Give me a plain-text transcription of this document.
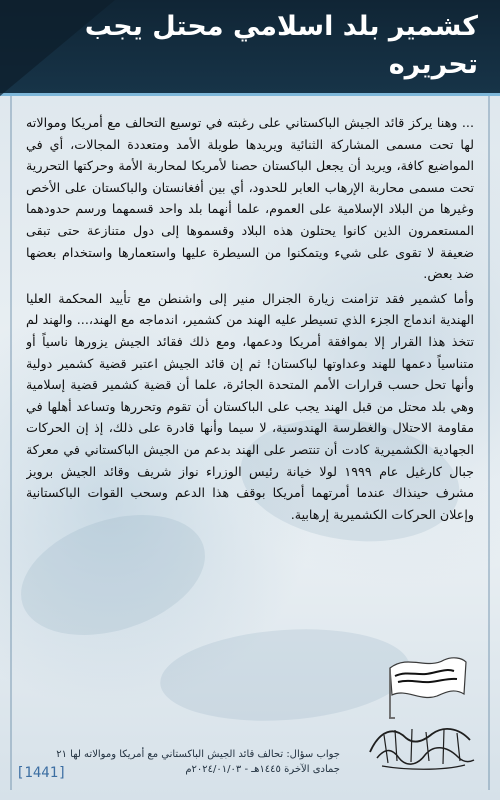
كشمير بلد اسلامي محتل يجب تحريره

... وهنا يركز قائد الجيش الباكستاني على رغبته في توسيع التحالف مع أمريكا وموالاته لها تحت مسمى المشاركة الثنائية ويريدها طويلة الأمد ومتعددة المجالات، أي في المواضيع كافة، ويريد أن يجعل الباكستان حصنا لأمريكا لمحاربة الأمة وحركتها التحررية تحت مسمى محاربة الإرهاب العابر للحدود، أي بين أفغانستان والباكستان على الأخص وغيرها من البلاد الإسلامية على العموم، علما أنهما بلد واحد قسمهما ورسم حدودهما المستعمرون الذين كانوا يحتلون هذه البلاد وقسموها إلى دول متنازعة حتى تبقى ضعيفة لا تقوى على شيء ويتمكنوا من السيطرة عليها واستعمارها واستخدام بعضها ضد بعض.

وأما كشمير فقد تزامنت زيارة الجنرال منير إلى واشنطن مع تأييد المحكمة العليا الهندية اندماج الجزء الذي تسيطر عليه الهند من كشمير، اندماجه مع الهند،... والهند لم تتخذ هذا القرار إلا بموافقة أمريكا ودعمها، ومع ذلك فقائد الجيش يزورها ناسياً أو متناسياً دعمها للهند وعداوتها لباكستان! ثم إن قائد الجيش اعتبر قضية كشمير دولية وأنها تحل حسب قرارات الأمم المتحدة الجائرة، علما أن قضية كشمير قضية إسلامية وهي بلد محتل من قبل الهند يجب على الباكستان أن تقوم وتحررها وتساعد أهلها في مقاومة الاحتلال والغطرسة الهندوسية، لا سيما وأنها قادرة على ذلك، إذ إن الحركات الجهادية الكشميرية كادت أن تنتصر على الهند بدعم من الجيش الباكستاني في معركة جبال كارغيل عام ١٩٩٩ لولا خيانة رئيس الوزراء نواز شريف وقائد الجيش برويز مشرف حينذاك عندما أمرتهما أمريكا بوقف هذا الدعم وسحب القوات الباكستانية وإعلان الحركات الكشميرية إرهابية.

جواب سؤال: تحالف قائد الجيش الباكستاني مع أمريكا وموالاته لها ٢١
جمادى الآخرة ١٤٤٥هـ - ٢٠٢٤/٠١/٠٣م
[1441]
